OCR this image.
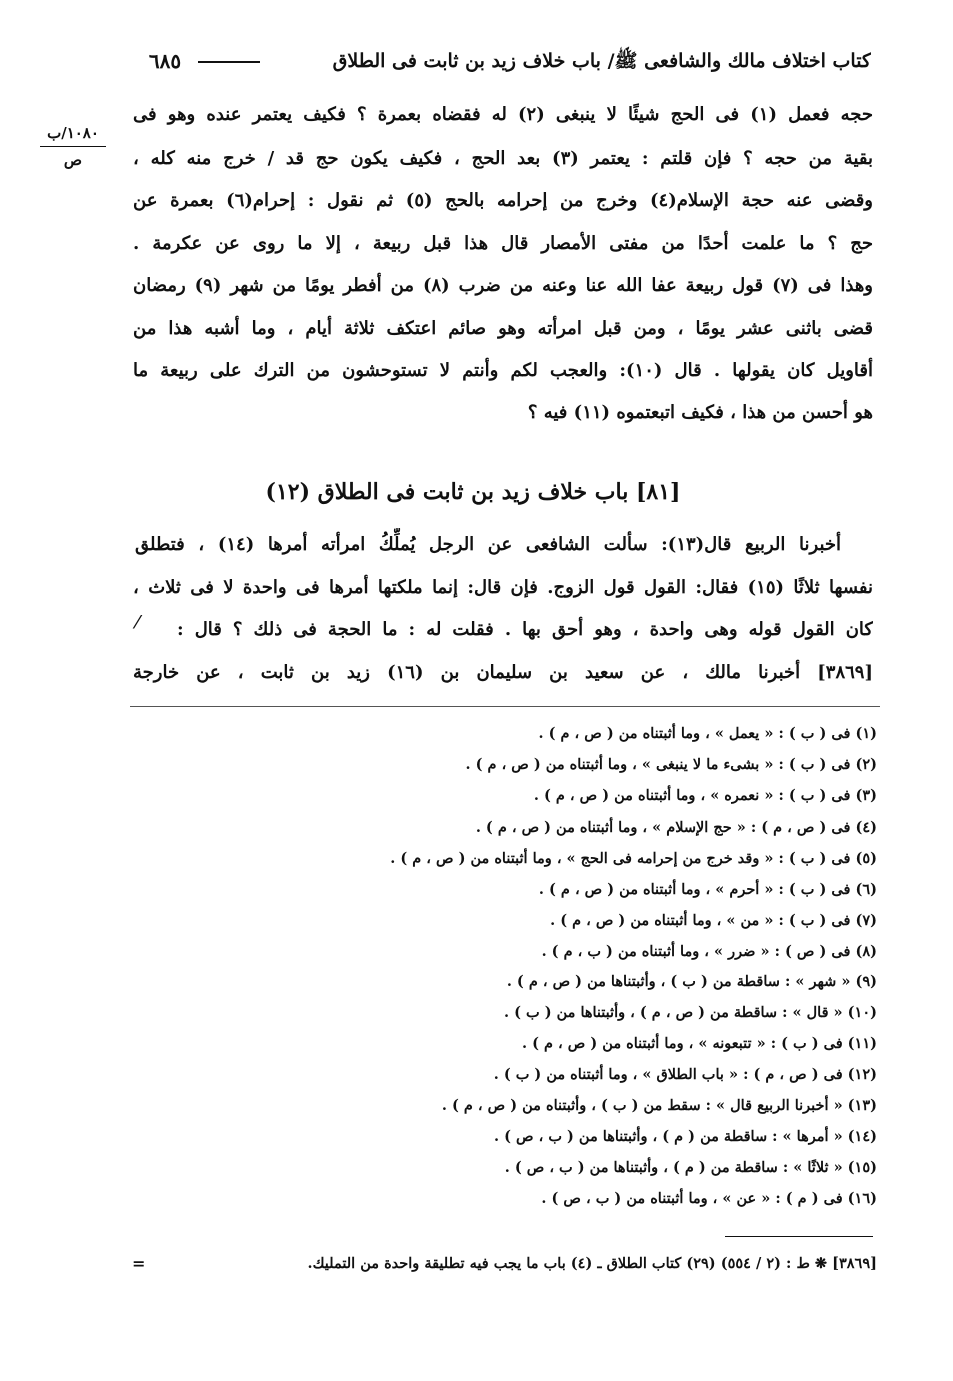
كتاب اختلاف مالك والشافعى ﷺ/ باب خلاف زيد بن ثابت فى الطلاق
٦٨٥
١٠٨٠/ب
ص
حجه فعمل (١) فى الحج شيئًا لا ينبغى (٢) له فقضاه بعمرة ؟ فكيف يعتمر عنده وهو فى
بقية من حجه ؟ فإن قلتم : يعتمر (٣) بعد الحج ، فكيف يكون حج قد / خرج منه كله ،
وقضى عنه حجة الإسلام(٤) وخرج من إحرامه بالحج (٥) ثم نقول : إحرام(٦) بعمرة عن
حج ؟ ما علمت أحدًا من مفتى الأمصار قال هذا قبل ربيعة ، إلا ما روى عن عكرمة .
وهذا فى (٧) قول ربيعة عفا الله عنا وعنه من ضرب (٨) من أفطر يومًا من شهر (٩) رمضان
قضى باثنى عشر يومًا ، ومن قبل امرأته وهو صائم اعتكف ثلاثة أيام ، وما أشبه هذا من
أقاويل كان يقولها . قال (١٠): والعجب لكم وأنتم لا تستوحشون من الترك على ربيعة ما
هو أحسن من هذا ، فكيف اتبعتموه (١١) فيه ؟
[٨١] باب خلاف زيد بن ثابت فى الطلاق (١٢)
أخبرنا الربيع قال(١٣): سألت الشافعى عن الرجل يُملِّكُ امرأته أمرها (١٤) ، فتطلق
نفسها ثلاثًا (١٥) فقال: القول قول الزوج. فإن قال: إنما ملكتها أمرها فى واحدة لا فى ثلاث ،
كان القول قوله وهى واحدة ، وهو أحق بها . فقلت له : ما الحجة فى ذلك ؟ قال :
⁄
[٣٨٦٩] أخبرنا مالك ، عن سعيد بن سليمان بن (١٦) زيد بن ثابت ، عن خارجة
(١) فى ( ب ) : « يعمل » ، وما أثبتناه من ( ص ، م ) .
(٢) فى ( ب ) : « بشىء ما لا ينبغى » ، وما أثبتناه من ( ص ، م ) .
(٣) فى ( ب ) : « نعمره » ، وما أثبتناه من ( ص ، م ) .
(٤) فى ( ص ، م ) : « حج الإسلام » ، وما أثبتناه من ( ص ، م ) .
(٥) فى ( ب ) : « وقد خرج من إحرامه فى الحج » ، وما أثبتناه من ( ص ، م ) .
(٦) فى ( ب ) : « أحرم » ، وما أثبتناه من ( ص ، م ) .
(٧) فى ( ب ) : « من » ، وما أثبتناه من ( ص ، م ) .
(٨) فى ( ص ) : « ضرر » ، وما أثبتناه من ( ب ، م ) .
(٩) « شهر » : ساقطة من ( ب ) ، وأثبتناها من ( ص ، م ) .
(١٠) « قال » : ساقطة من ( ص ، م ) ، وأثبتناها من ( ب ) .
(١١) فى ( ب ) : « تتبعونه » ، وما أثبتناه من ( ص ، م ) .
(١٢) فى ( ص ، م ) : « باب الطلاق » ، وما أثبتناه من ( ب ) .
(١٣) « أخبرنا الربيع قال » : سقط من ( ب ) ، وأثبتناه من ( ص ، م ) .
(١٤) « أمرها » : ساقطة من ( م ) ، وأثبتناها من ( ب ، ص ) .
(١٥) « ثلاثًا » : ساقطة من ( م ) ، وأثبتناها من ( ب ، ص ) .
(١٦) فى ( م ) : « عن » ، وما أثبتناه من ( ب ، ص ) .
[٣٨٦٩] ❋ ط : (٢ / ٥٥٤) (٢٩) كتاب الطلاق ـ (٤) باب ما يجب فيه تطليقة واحدة من التمليك.
=
